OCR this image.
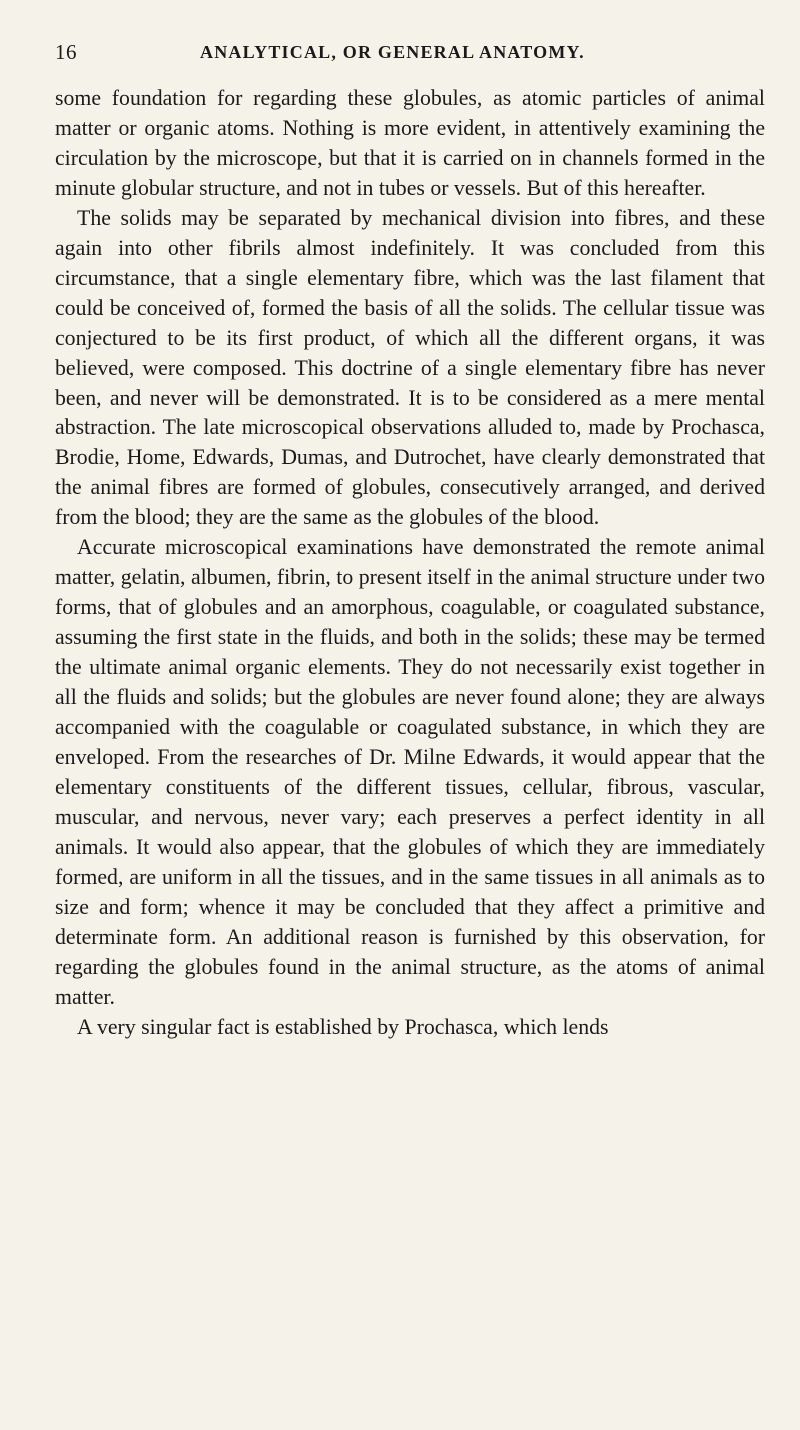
16	ANALYTICAL, OR GENERAL ANATOMY.

some foundation for regarding these globules, as atomic particles of animal matter or organic atoms. Nothing is more evident, in attentively examining the circulation by the microscope, but that it is carried on in channels formed in the minute globular structure, and not in tubes or vessels. But of this hereafter.

The solids may be separated by mechanical division into fibres, and these again into other fibrils almost indefinitely. It was concluded from this circumstance, that a single elementary fibre, which was the last filament that could be conceived of, formed the basis of all the solids. The cellular tissue was conjectured to be its first product, of which all the different organs, it was believed, were composed. This doctrine of a single elementary fibre has never been, and never will be demonstrated. It is to be considered as a mere mental abstraction. The late microscopical observations alluded to, made by Prochasca, Brodie, Home, Edwards, Dumas, and Dutrochet, have clearly demonstrated that the animal fibres are formed of globules, consecutively arranged, and derived from the blood; they are the same as the globules of the blood.

Accurate microscopical examinations have demonstrated the remote animal matter, gelatin, albumen, fibrin, to present itself in the animal structure under two forms, that of globules and an amorphous, coagulable, or coagulated substance, assuming the first state in the fluids, and both in the solids; these may be termed the ultimate animal organic elements. They do not necessarily exist together in all the fluids and solids; but the globules are never found alone; they are always accompanied with the coagulable or coagulated substance, in which they are enveloped. From the researches of Dr. Milne Edwards, it would appear that the elementary constituents of the different tissues, cellular, fibrous, vascular, muscular, and nervous, never vary; each preserves a perfect identity in all animals. It would also appear, that the globules of which they are immediately formed, are uniform in all the tissues, and in the same tissues in all animals as to size and form; whence it may be concluded that they affect a primitive and determinate form. An additional reason is furnished by this observation, for regarding the globules found in the animal structure, as the atoms of animal matter.

A very singular fact is established by Prochasca, which lends
